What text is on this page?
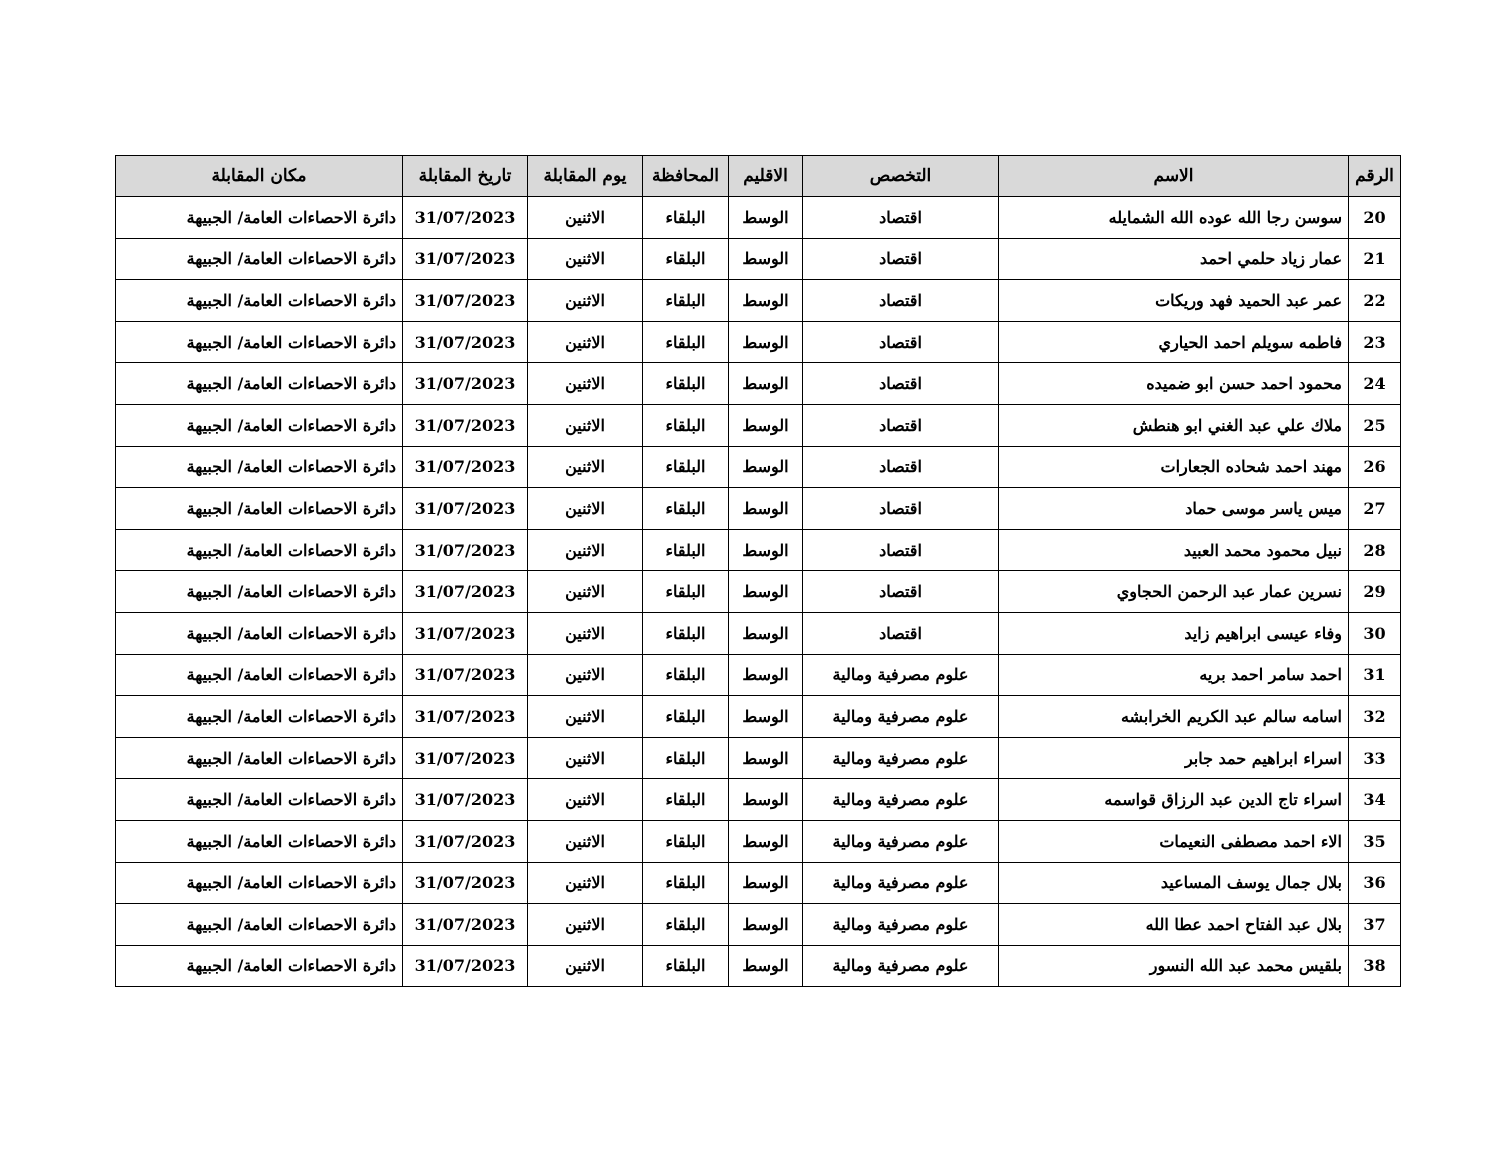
الرقم	الاسم	التخصص	الاقليم	المحافظة	يوم المقابلة	تاريخ المقابلة	مكان المقابلة
20	سوسن رجا الله عوده الله الشمايله	اقتصاد	الوسط	البلقاء	الاثنين	31/07/2023	دائرة الاحصاءات العامة/ الجبيهة
21	عمار زياد حلمي احمد	اقتصاد	الوسط	البلقاء	الاثنين	31/07/2023	دائرة الاحصاءات العامة/ الجبيهة
22	عمر عبد الحميد فهد وريكات	اقتصاد	الوسط	البلقاء	الاثنين	31/07/2023	دائرة الاحصاءات العامة/ الجبيهة
23	فاطمه سويلم احمد الحياري	اقتصاد	الوسط	البلقاء	الاثنين	31/07/2023	دائرة الاحصاءات العامة/ الجبيهة
24	محمود احمد حسن ابو ضميده	اقتصاد	الوسط	البلقاء	الاثنين	31/07/2023	دائرة الاحصاءات العامة/ الجبيهة
25	ملاك علي عبد الغني ابو هنطش	اقتصاد	الوسط	البلقاء	الاثنين	31/07/2023	دائرة الاحصاءات العامة/ الجبيهة
26	مهند احمد شحاده الجعارات	اقتصاد	الوسط	البلقاء	الاثنين	31/07/2023	دائرة الاحصاءات العامة/ الجبيهة
27	ميس ياسر موسى حماد	اقتصاد	الوسط	البلقاء	الاثنين	31/07/2023	دائرة الاحصاءات العامة/ الجبيهة
28	نبيل محمود محمد العبيد	اقتصاد	الوسط	البلقاء	الاثنين	31/07/2023	دائرة الاحصاءات العامة/ الجبيهة
29	نسرين عمار عبد الرحمن الحجاوي	اقتصاد	الوسط	البلقاء	الاثنين	31/07/2023	دائرة الاحصاءات العامة/ الجبيهة
30	وفاء عيسى ابراهيم زايد	اقتصاد	الوسط	البلقاء	الاثنين	31/07/2023	دائرة الاحصاءات العامة/ الجبيهة
31	احمد سامر احمد بريه	علوم مصرفية ومالية	الوسط	البلقاء	الاثنين	31/07/2023	دائرة الاحصاءات العامة/ الجبيهة
32	اسامه سالم عبد الكريم الخرابشه	علوم مصرفية ومالية	الوسط	البلقاء	الاثنين	31/07/2023	دائرة الاحصاءات العامة/ الجبيهة
33	اسراء ابراهيم حمد جابر	علوم مصرفية ومالية	الوسط	البلقاء	الاثنين	31/07/2023	دائرة الاحصاءات العامة/ الجبيهة
34	اسراء تاج الدين عبد الرزاق قواسمه	علوم مصرفية ومالية	الوسط	البلقاء	الاثنين	31/07/2023	دائرة الاحصاءات العامة/ الجبيهة
35	الاء احمد مصطفى النعيمات	علوم مصرفية ومالية	الوسط	البلقاء	الاثنين	31/07/2023	دائرة الاحصاءات العامة/ الجبيهة
36	بلال جمال يوسف المساعيد	علوم مصرفية ومالية	الوسط	البلقاء	الاثنين	31/07/2023	دائرة الاحصاءات العامة/ الجبيهة
37	بلال عبد الفتاح احمد عطا الله	علوم مصرفية ومالية	الوسط	البلقاء	الاثنين	31/07/2023	دائرة الاحصاءات العامة/ الجبيهة
38	بلقيس محمد عبد الله النسور	علوم مصرفية ومالية	الوسط	البلقاء	الاثنين	31/07/2023	دائرة الاحصاءات العامة/ الجبيهة
